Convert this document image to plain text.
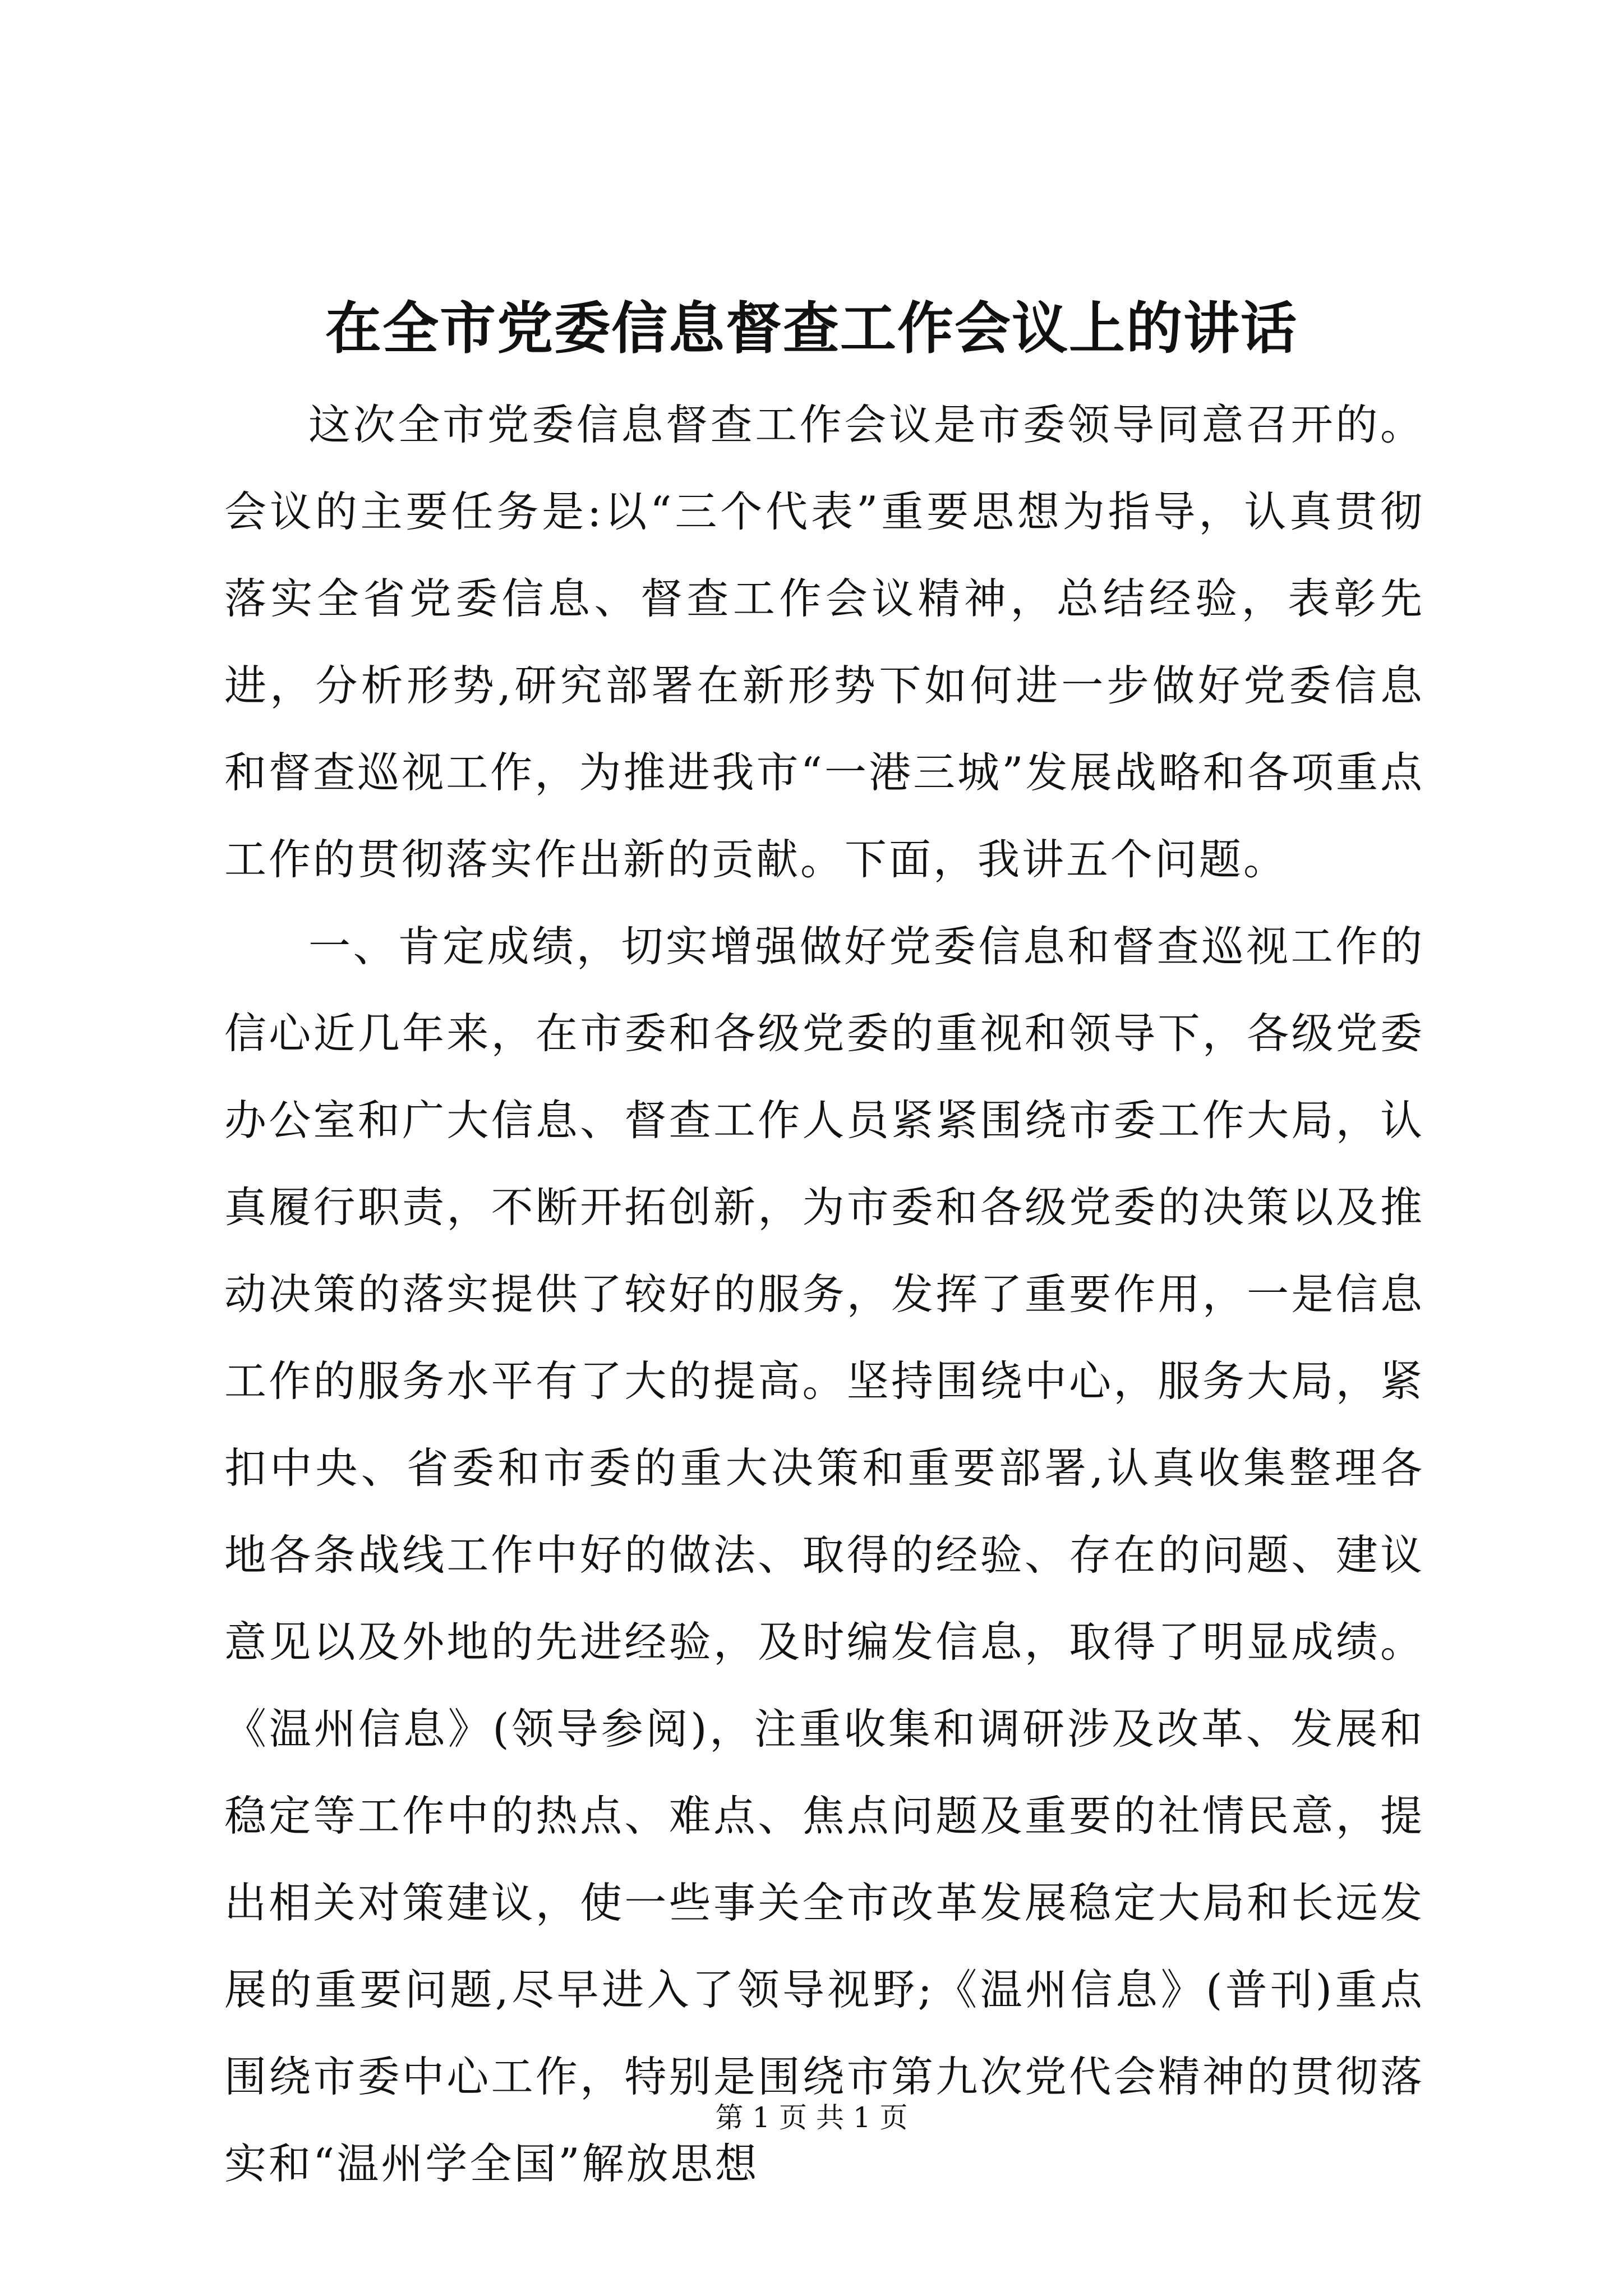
在全市党委信息督查工作会议上的讲话

这次全市党委信息督查工作会议是市委领导同意召开的。会议的主要任务是:以“三个代表”重要思想为指导，认真贯彻落实全省党委信息、督查工作会议精神，总结经验，表彰先进，分析形势,研究部署在新形势下如何进一步做好党委信息和督查巡视工作，为推进我市“一港三城”发展战略和各项重点工作的贯彻落实作出新的贡献。下面，我讲五个问题。

一、肯定成绩，切实增强做好党委信息和督查巡视工作的信心近几年来，在市委和各级党委的重视和领导下，各级党委办公室和广大信息、督查工作人员紧紧围绕市委工作大局，认真履行职责，不断开拓创新，为市委和各级党委的决策以及推动决策的落实提供了较好的服务，发挥了重要作用，一是信息工作的服务水平有了大的提高。坚持围绕中心，服务大局，紧扣中央、省委和市委的重大决策和重要部署,认真收集整理各地各条战线工作中好的做法、取得的经验、存在的问题、建议意见以及外地的先进经验，及时编发信息，取得了明显成绩。《温州信息》(领导参阅)，注重收集和调研涉及改革、发展和稳定等工作中的热点、难点、焦点问题及重要的社情民意，提出相关对策建议，使一些事关全市改革发展稳定大局和长远发展的重要问题,尽早进入了领导视野;《温州信息》(普刊)重点围绕市委中心工作，特别是围绕市第九次党代会精神的贯彻落实和“温州学全国”解放思想

第 1 页 共 1 页
